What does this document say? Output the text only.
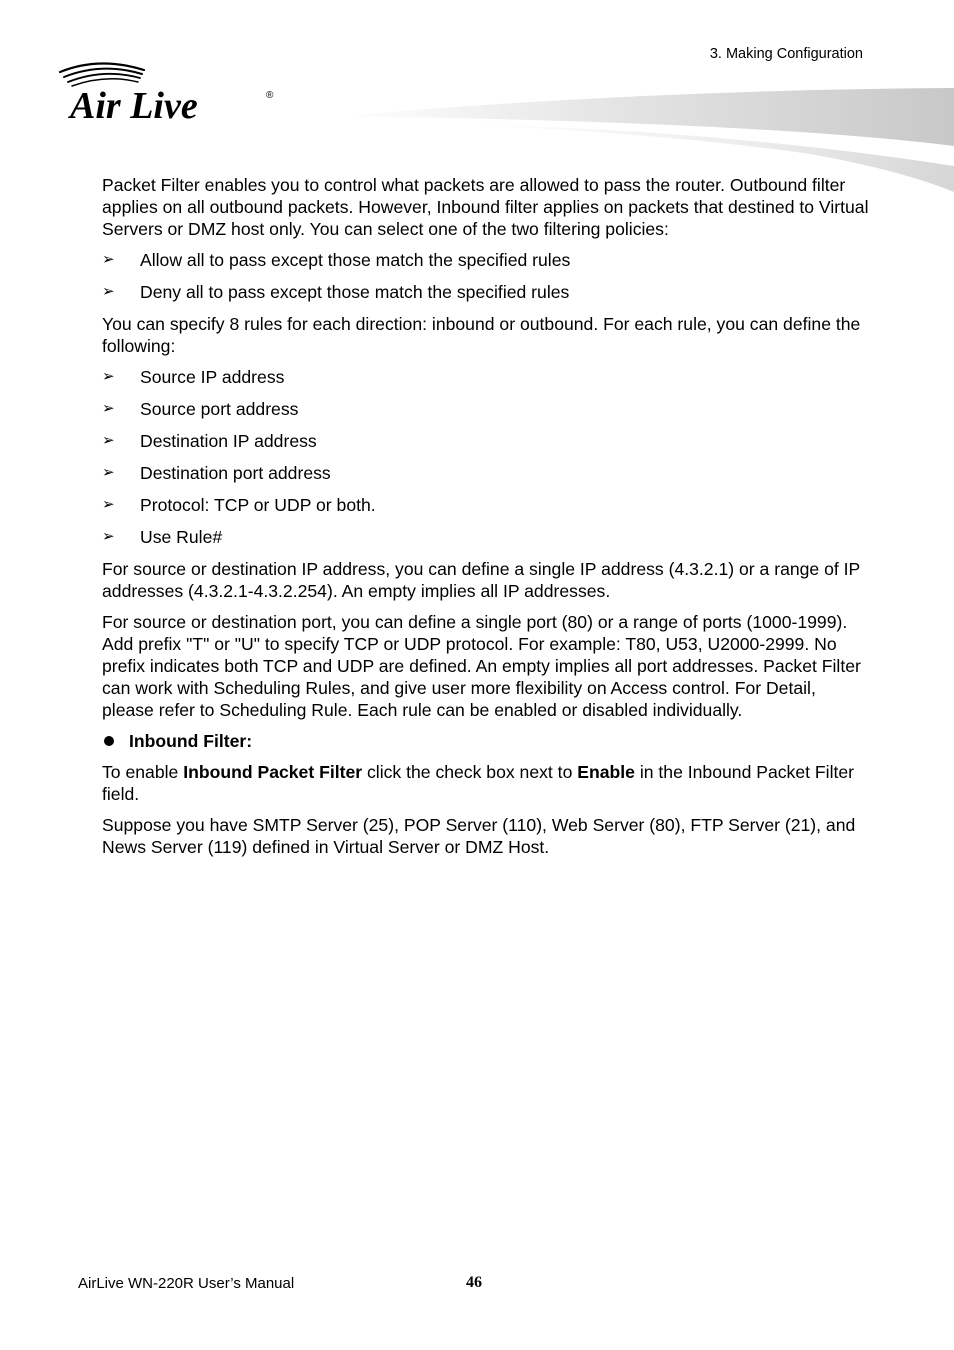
3. Making Configuration
Air Live	®

Packet Filter enables you to control what packets are allowed to pass the router. Outbound filter applies on all outbound packets. However, Inbound filter applies on packets that destined to Virtual Servers or DMZ host only. You can select one of the two filtering policies:

➢ Allow all to pass except those match the specified rules
➢ Deny all to pass except those match the specified rules

You can specify 8 rules for each direction: inbound or outbound. For each rule, you can define the following:

➢ Source IP address
➢ Source port address
➢ Destination IP address
➢ Destination port address
➢ Protocol: TCP or UDP or both.
➢ Use Rule#

For source or destination IP address, you can define a single IP address (4.3.2.1) or a range of IP addresses (4.3.2.1-4.3.2.254). An empty implies all IP addresses.

For source or destination port, you can define a single port (80) or a range of ports (1000-1999). Add prefix "T" or "U" to specify TCP or UDP protocol. For example: T80, U53, U2000-2999. No prefix indicates both TCP and UDP are defined. An empty implies all port addresses. Packet Filter can work with Scheduling Rules, and give user more flexibility on Access control. For Detail, please refer to Scheduling Rule. Each rule can be enabled or disabled individually.

Inbound Filter:

To enable Inbound Packet Filter click the check box next to Enable in the Inbound Packet Filter field.

Suppose you have SMTP Server (25), POP Server (110), Web Server (80), FTP Server (21), and News Server (119) defined in Virtual Server or DMZ Host.

AirLive WN-220R User’s Manual	46
